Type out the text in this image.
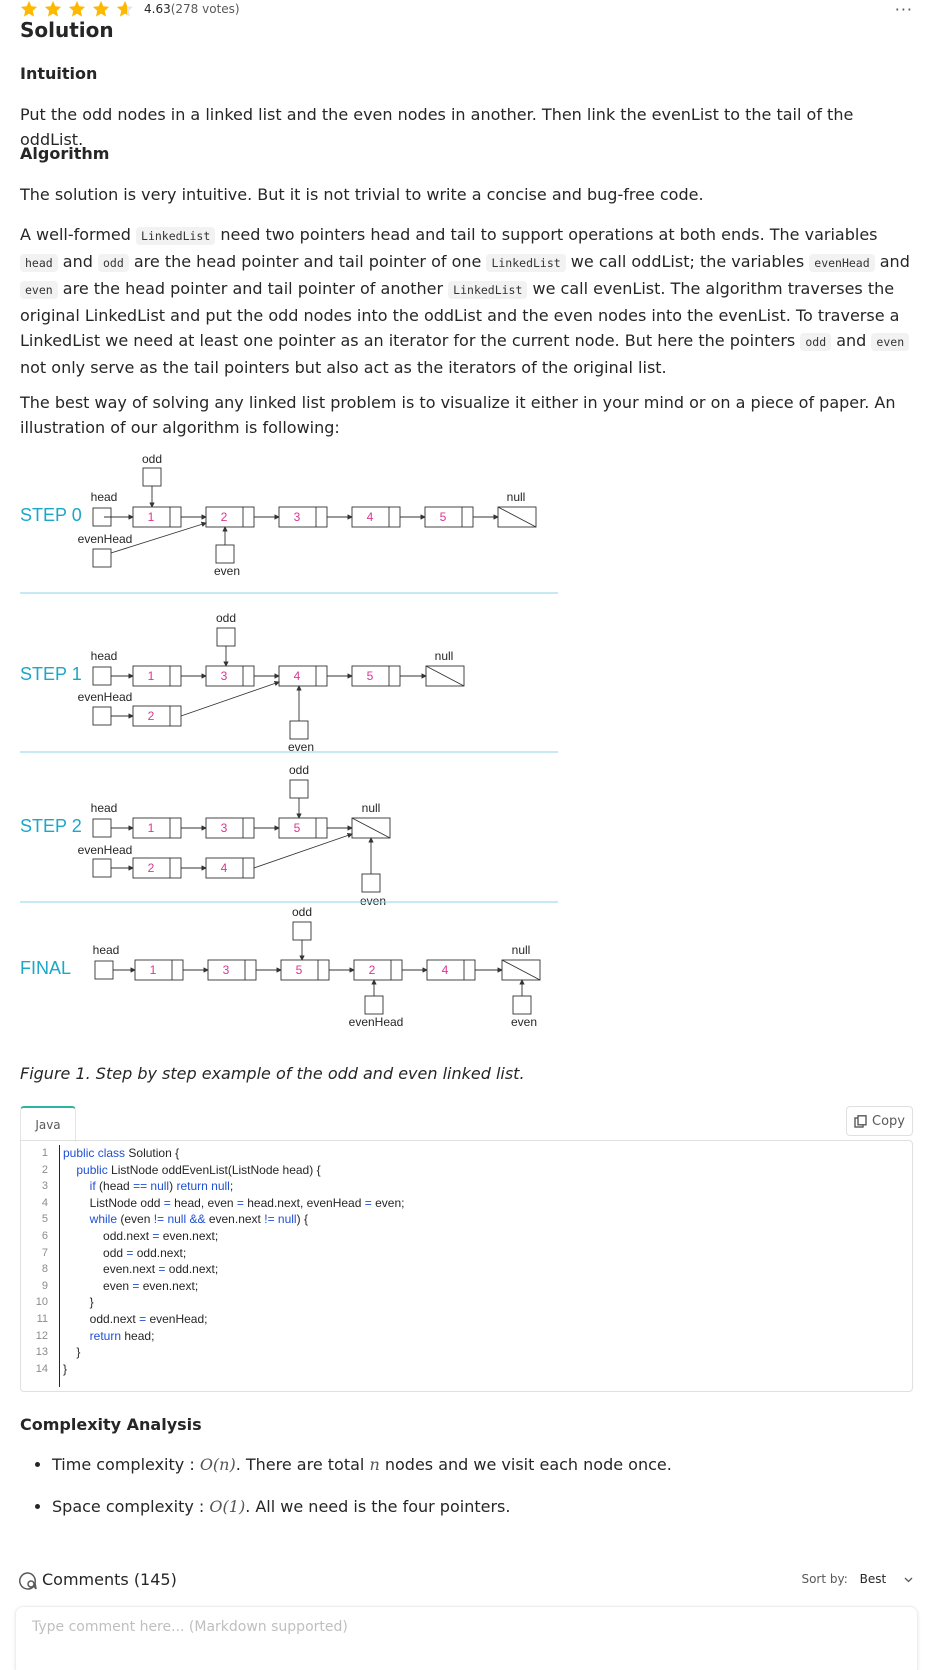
4.63 (278 votes)	···
Solution
Intuition

Put the odd nodes in a linked list and the even nodes in another. Then link the evenList to the tail of the oddList.

Algorithm

The solution is very intuitive. But it is not trivial to write a concise and bug-free code.

A well-formed LinkedList need two pointers head and tail to support operations at both ends. The variables head and odd are the head pointer and tail pointer of one LinkedList we call oddList; the variables evenHead and even are the head pointer and tail pointer of another LinkedList we call evenList. The algorithm traverses the original LinkedList and put the odd nodes into the oddList and the even nodes into the evenList. To traverse a LinkedList we need at least one pointer as an iterator for the current node. But here the pointers odd and even not only serve as the tail pointers but also act as the iterators of the original list.

The best way of solving any linked list problem is to visualize it either in your mind or on a piece of paper. An illustration of our algorithm is following:

STEP 0
odd
head
1	2	3	4	5
null
evenHead
even
STEP 1
odd
head
1	3	4	5
null
evenHead
2
even
STEP 2
odd
head
1	3	5
null
evenHead
2	4
even
FINAL
odd
head
1	3	5	2	4
null
evenHead	even
Figure 1. Step by step example of the odd and even linked list.
Java	Copy
1 public class Solution {
2	public ListNode oddEvenList(ListNode head) {
3	if (head == null) return null;
4	ListNode odd = head, even = head.next, evenHead = even;
5	while (even != null && even.next != null) {
6	odd.next = even.next;
7	odd = odd.next;
8	even.next = odd.next;
9	even = even.next;
10	}
11	odd.next = evenHead;
12	return head;
13	}
14 }
Complexity Analysis
• Time complexity : O(n). There are total n nodes and we visit each node once.
• Space complexity : O(1). All we need is the four pointers.
Comments (145)	Sort by: Best
Type comment here... (Markdown supported)
